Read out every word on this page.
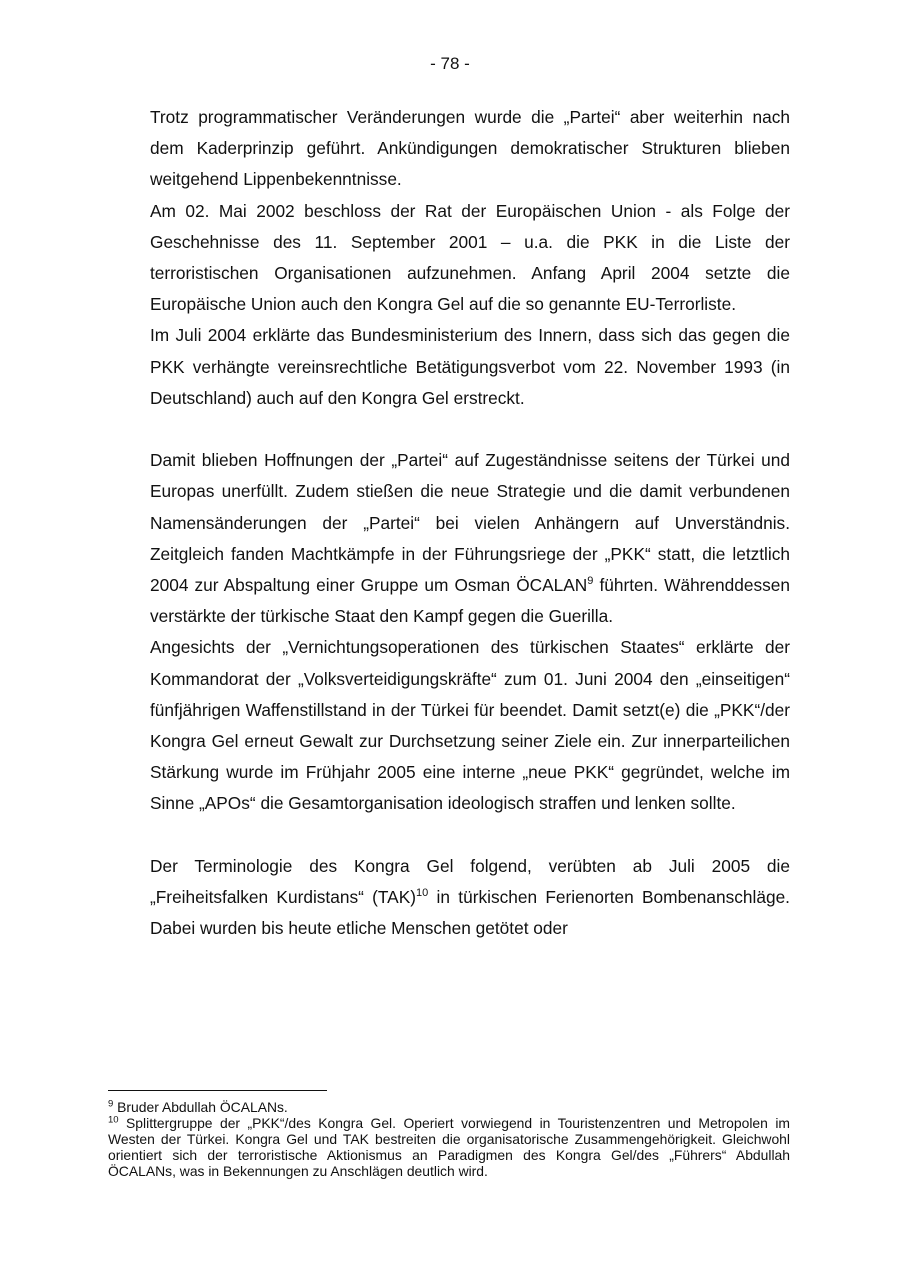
- 78 -

Trotz programmatischer Veränderungen wurde die „Partei“ aber weiterhin nach dem Kaderprinzip geführt. Ankündigungen demokratischer Strukturen blieben weitgehend Lippenbekenntnisse.

Am 02. Mai 2002 beschloss der Rat der Europäischen Union - als Folge der Geschehnisse des 11. September 2001 – u.a. die PKK in die Liste der terroristischen Organisationen aufzunehmen. Anfang April 2004 setzte die Europäische Union auch den Kongra Gel auf die so genannte EU-Terrorliste.

Im Juli 2004 erklärte das Bundesministerium des Innern, dass sich das gegen die PKK verhängte vereinsrechtliche Betätigungsverbot vom 22. November 1993 (in Deutschland) auch auf den Kongra Gel erstreckt.

Damit blieben Hoffnungen der „Partei“ auf Zugeständnisse seitens der Türkei und Europas unerfüllt. Zudem stießen die neue Strategie und die damit verbundenen Namensänderungen der „Partei“ bei vielen Anhängern auf Unverständnis. Zeitgleich fanden Machtkämpfe in der Führungsriege der „PKK“ statt, die letztlich 2004 zur Abspaltung einer Gruppe um Osman ÖCALAN$^9$ führten. Währenddessen verstärkte der türkische Staat den Kampf gegen die Guerilla.

Angesichts der „Vernichtungsoperationen des türkischen Staates“ erklärte der Kommandorat der „Volksverteidigungskräfte“ zum 01. Juni 2004 den „einseitigen“ fünfjährigen Waffenstillstand in der Türkei für beendet. Damit setzt(e) die „PKK“/der Kongra Gel erneut Gewalt zur Durchsetzung seiner Ziele ein. Zur innerparteilichen Stärkung wurde im Frühjahr 2005 eine interne „neue PKK“ gegründet, welche im Sinne „APOs“ die Gesamtorganisation ideologisch straffen und lenken sollte.

Der Terminologie des Kongra Gel folgend, verübten ab Juli 2005 die „Freiheitsfalken Kurdistans“ (TAK)$^{10}$ in türkischen Ferienorten Bombenanschläge. Dabei wurden bis heute etliche Menschen getötet oder

$^9$ Bruder Abdullah ÖCALANs.

$^{10}$ Splittergruppe der „PKK“/des Kongra Gel. Operiert vorwiegend in Touristenzentren und Metropolen im Westen der Türkei. Kongra Gel und TAK bestreiten die organisatorische Zusammengehörigkeit. Gleichwohl orientiert sich der terroristische Aktionismus an Paradigmen des Kongra Gel/des „Führers“ Abdullah ÖCALANs, was in Bekennungen zu Anschlägen deutlich wird.
